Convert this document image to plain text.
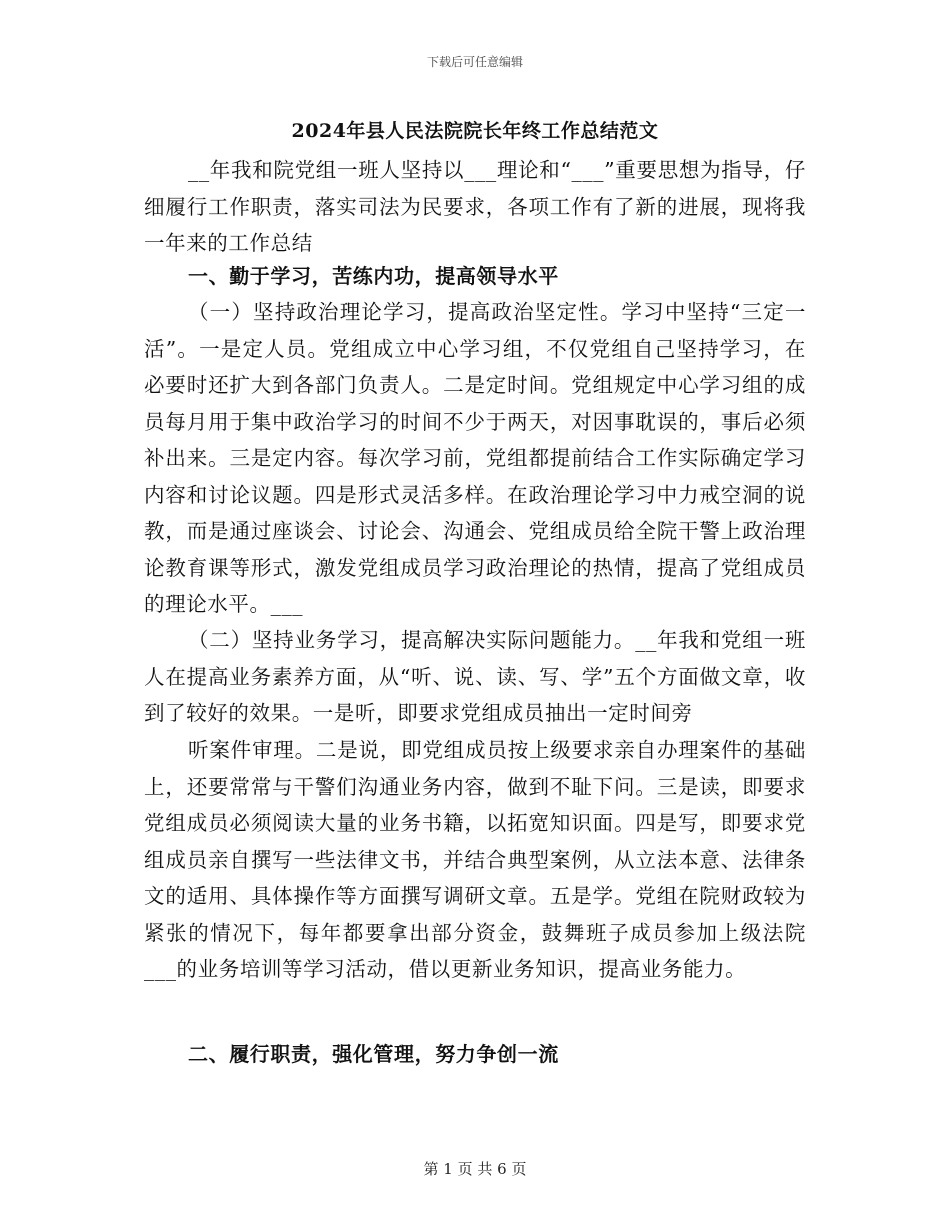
下载后可任意编辑
2024年县人民法院院长年终工作总结范文

__年我和院党组一班人坚持以___理论和“___”重要思想为指导，仔细履行工作职责，落实司法为民要求，各项工作有了新的进展，现将我一年来的工作总结

一、勤于学习，苦练内功，提高领导水平

（一）坚持政治理论学习，提高政治坚定性。学习中坚持“三定一活”。一是定人员。党组成立中心学习组，不仅党组自己坚持学习，在必要时还扩大到各部门负责人。二是定时间。党组规定中心学习组的成员每月用于集中政治学习的时间不少于两天，对因事耽误的，事后必须补出来。三是定内容。每次学习前，党组都提前结合工作实际确定学习内容和讨论议题。四是形式灵活多样。在政治理论学习中力戒空洞的说教，而是通过座谈会、讨论会、沟通会、党组成员给全院干警上政治理论教育课等形式，激发党组成员学习政治理论的热情，提高了党组成员的理论水平。___

（二）坚持业务学习，提高解决实际问题能力。__年我和党组一班人在提高业务素养方面，从“听、说、读、写、学”五个方面做文章，收到了较好的效果。一是听，即要求党组成员抽出一定时间旁

听案件审理。二是说，即党组成员按上级要求亲自办理案件的基础上，还要常常与干警们沟通业务内容，做到不耻下问。三是读，即要求党组成员必须阅读大量的业务书籍，以拓宽知识面。四是写，即要求党组成员亲自撰写一些法律文书，并结合典型案例，从立法本意、法律条文的适用、具体操作等方面撰写调研文章。五是学。党组在院财政较为紧张的情况下，每年都要拿出部分资金，鼓舞班子成员参加上级法院___的业务培训等学习活动，借以更新业务知识，提高业务能力。

二、履行职责，强化管理，努力争创一流

第 1 页 共 6 页
